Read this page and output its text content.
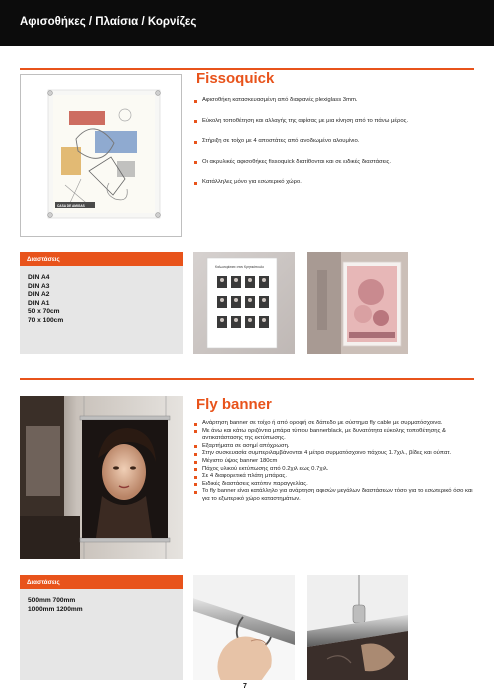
Αφισοθήκες / Πλαίσια / Κορνίζες
CASA DE AMIGAS
Fissoquick
Αφισοθήκη κατασκευασμένη από διαφανές plexiglass 3mm.
Εύκολη τοποθέτηση και αλλαγής της αφίσας με μια κίνηση από το πάνω μέρος.
Στήριξη σε τοίχο με 4 αποστάτες από ανοδιωμένο αλουμίνιο.
Οι ακρυλικές αφισοθήκες fissoquick διατίθονται και σε ειδικές διαστάσεις.
Κατάλληλες μόνο για εσωτερικό χώρο.
Διαστάσεις
DIN A4
DIN A3
DIN A2
DIN A1
50 x 70cm
70 x 100cm
Καλωσορίσατε στον Κρητικόπουλο
Fly banner
Ανάρτηση banner σε τοίχο ή από οροφή σε δάπεδο με σύστημα fly cable με συρματόσχοινα.
Με άνω και κάτω οριζόντια μπάρα τύπου bannerblack, με δυνατότητα εύκολης τοποθέτησης & αντικατάστασης της εκτύπωσης.
Εξαρτήματα σε ασημί απόχρωση.
Στην συσκευασία συμπεριλαμβάνονται 4 μέτρα συρματόσχοινο πάχους 1.7χιλ., βίδες και ούπατ.
Μέγιστο ύψος banner 180cm
Πάχος υλικού εκτύπωσης από 0.2χιλ εως 0.7χιλ.
Σε 4 διαφορετικά πλάτη μπάρας.
Ειδικές διαστάσεις κατόπιν παραγγελίας.
Το fly banner είναι κατάλληλο για ανάρτηση αφισών μεγάλων διαστάσεων τόσο για το εσωτερικό όσο και για το εξωτερικό χώρο καταστημάτων.
Διαστάσεις
500mm 700mm
1000mm 1200mm
7
